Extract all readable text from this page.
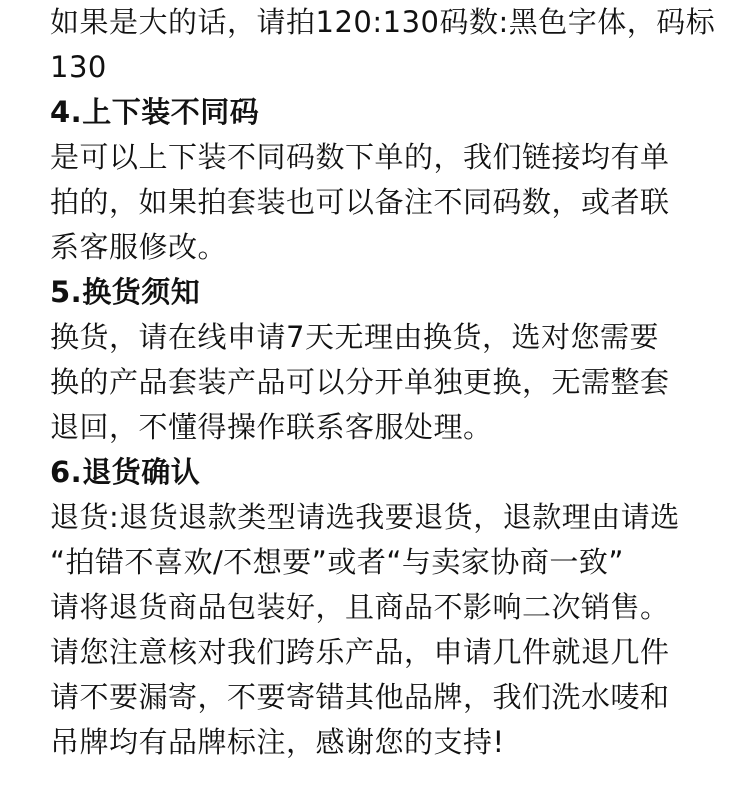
如果是大的话，请拍120:130码数:黑色字体，码标
130
4.上下装不同码
是可以上下装不同码数下单的，我们链接均有单
拍的，如果拍套装也可以备注不同码数，或者联
系客服修改。
5.换货须知
换货，请在线申请7天无理由换货，选对您需要
换的产品套装产品可以分开单独更换，无需整套
退回，不懂得操作联系客服处理。
6.退货确认
退货:退货退款类型请选我要退货，退款理由请选
“拍错不喜欢/不想要”或者“与卖家协商一致”
请将退货商品包装好，且商品不影响二次销售。
请您注意核对我们跨乐产品，申请几件就退几件
请不要漏寄，不要寄错其他品牌，我们洗水唛和
吊牌均有品牌标注，感谢您的支持!
